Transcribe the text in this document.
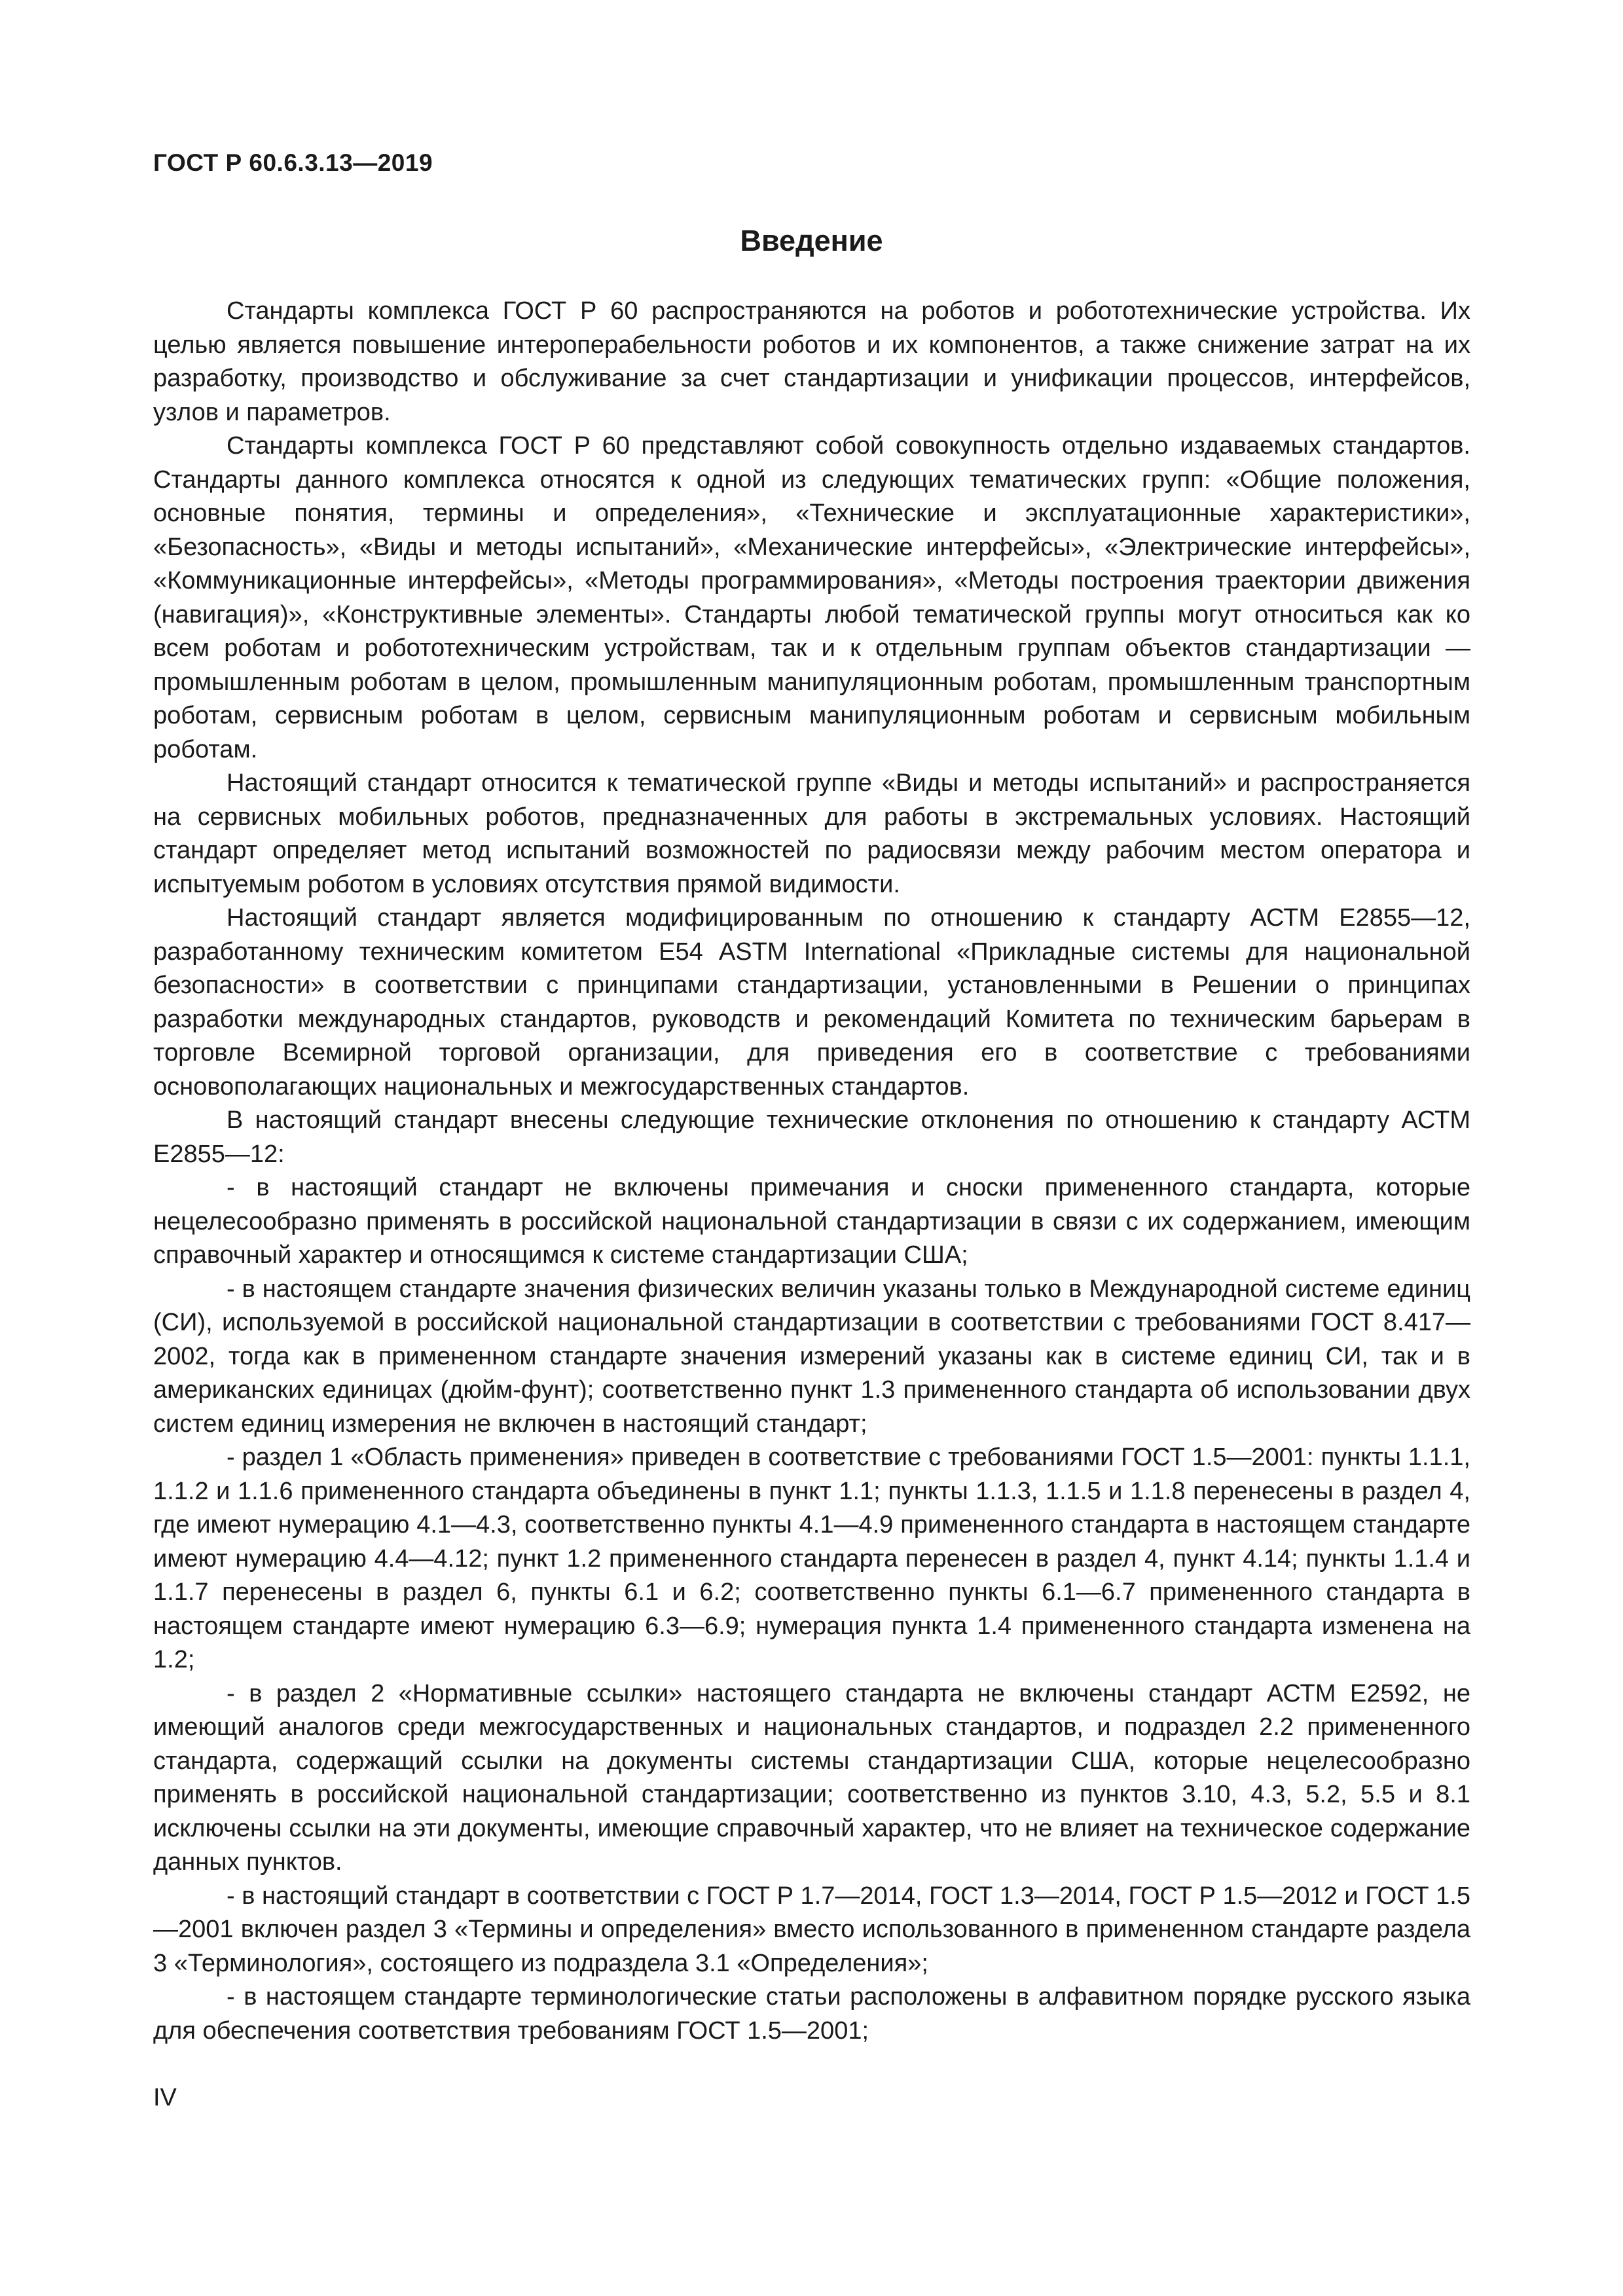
ГОСТ Р 60.6.3.13—2019
Введение

Стандарты комплекса ГОСТ Р 60 распространяются на роботов и робототехнические устройства. Их целью является повышение интероперабельности роботов и их компонентов, а также снижение затрат на их разработку, производство и обслуживание за счет стандартизации и унификации процессов, интерфейсов, узлов и параметров.

Стандарты комплекса ГОСТ Р 60 представляют собой совокупность отдельно издаваемых стандартов. Стандарты данного комплекса относятся к одной из следующих тематических групп: «Общие положения, основные понятия, термины и определения», «Технические и эксплуатационные характеристики», «Безопасность», «Виды и методы испытаний», «Механические интерфейсы», «Электрические интерфейсы», «Коммуникационные интерфейсы», «Методы программирования», «Методы построения траектории движения (навигация)», «Конструктивные элементы». Стандарты любой тематической группы могут относиться как ко всем роботам и робототехническим устройствам, так и к отдельным группам объектов стандартизации — промышленным роботам в целом, промышленным манипуляционным роботам, промышленным транспортным роботам, сервисным роботам в целом, сервисным манипуляционным роботам и сервисным мобильным роботам.

Настоящий стандарт относится к тематической группе «Виды и методы испытаний» и распространяется на сервисных мобильных роботов, предназначенных для работы в экстремальных условиях. Настоящий стандарт определяет метод испытаний возможностей по радиосвязи между рабочим местом оператора и испытуемым роботом в условиях отсутствия прямой видимости.

Настоящий стандарт является модифицированным по отношению к стандарту АСТМ Е2855—12, разработанному техническим комитетом Е54 ASTM International «Прикладные системы для национальной безопасности» в соответствии с принципами стандартизации, установленными в Решении о принципах разработки международных стандартов, руководств и рекомендаций Комитета по техническим барьерам в торговле Всемирной торговой организации, для приведения его в соответствие с требованиями основополагающих национальных и межгосударственных стандартов.

В настоящий стандарт внесены следующие технические отклонения по отношению к стандарту АСТМ Е2855—12:

- в настоящий стандарт не включены примечания и сноски примененного стандарта, которые нецелесообразно применять в российской национальной стандартизации в связи с их содержанием, имеющим справочный характер и относящимся к системе стандартизации США;

- в настоящем стандарте значения физических величин указаны только в Международной системе единиц (СИ), используемой в российской национальной стандартизации в соответствии с требованиями ГОСТ 8.417—2002, тогда как в примененном стандарте значения измерений указаны как в системе единиц СИ, так и в американских единицах (дюйм-фунт); соответственно пункт 1.3 примененного стандарта об использовании двух систем единиц измерения не включен в настоящий стандарт;

- раздел 1 «Область применения» приведен в соответствие с требованиями ГОСТ 1.5—2001: пункты 1.1.1, 1.1.2 и 1.1.6 примененного стандарта объединены в пункт 1.1; пункты 1.1.3, 1.1.5 и 1.1.8 перенесены в раздел 4, где имеют нумерацию 4.1—4.3, соответственно пункты 4.1—4.9 примененного стандарта в настоящем стандарте имеют нумерацию 4.4—4.12; пункт 1.2 примененного стандарта перенесен в раздел 4, пункт 4.14; пункты 1.1.4 и 1.1.7 перенесены в раздел 6, пункты 6.1 и 6.2; соответственно пункты 6.1—6.7 примененного стандарта в настоящем стандарте имеют нумерацию 6.3—6.9; нумерация пункта 1.4 примененного стандарта изменена на 1.2;

- в раздел 2 «Нормативные ссылки» настоящего стандарта не включены стандарт АСТМ Е2592, не имеющий аналогов среди межгосударственных и национальных стандартов, и подраздел 2.2 примененного стандарта, содержащий ссылки на документы системы стандартизации США, которые нецелесообразно применять в российской национальной стандартизации; соответственно из пунктов 3.10, 4.3, 5.2, 5.5 и 8.1 исключены ссылки на эти документы, имеющие справочный характер, что не влияет на техническое содержание данных пунктов.

- в настоящий стандарт в соответствии с ГОСТ Р 1.7—2014, ГОСТ 1.3—2014, ГОСТ Р 1.5—2012 и ГОСТ 1.5—2001 включен раздел 3 «Термины и определения» вместо использованного в примененном стандарте раздела 3 «Терминология», состоящего из подраздела 3.1 «Определения»;

- в настоящем стандарте терминологические статьи расположены в алфавитном порядке русского языка для обеспечения соответствия требованиям ГОСТ 1.5—2001;

IV
